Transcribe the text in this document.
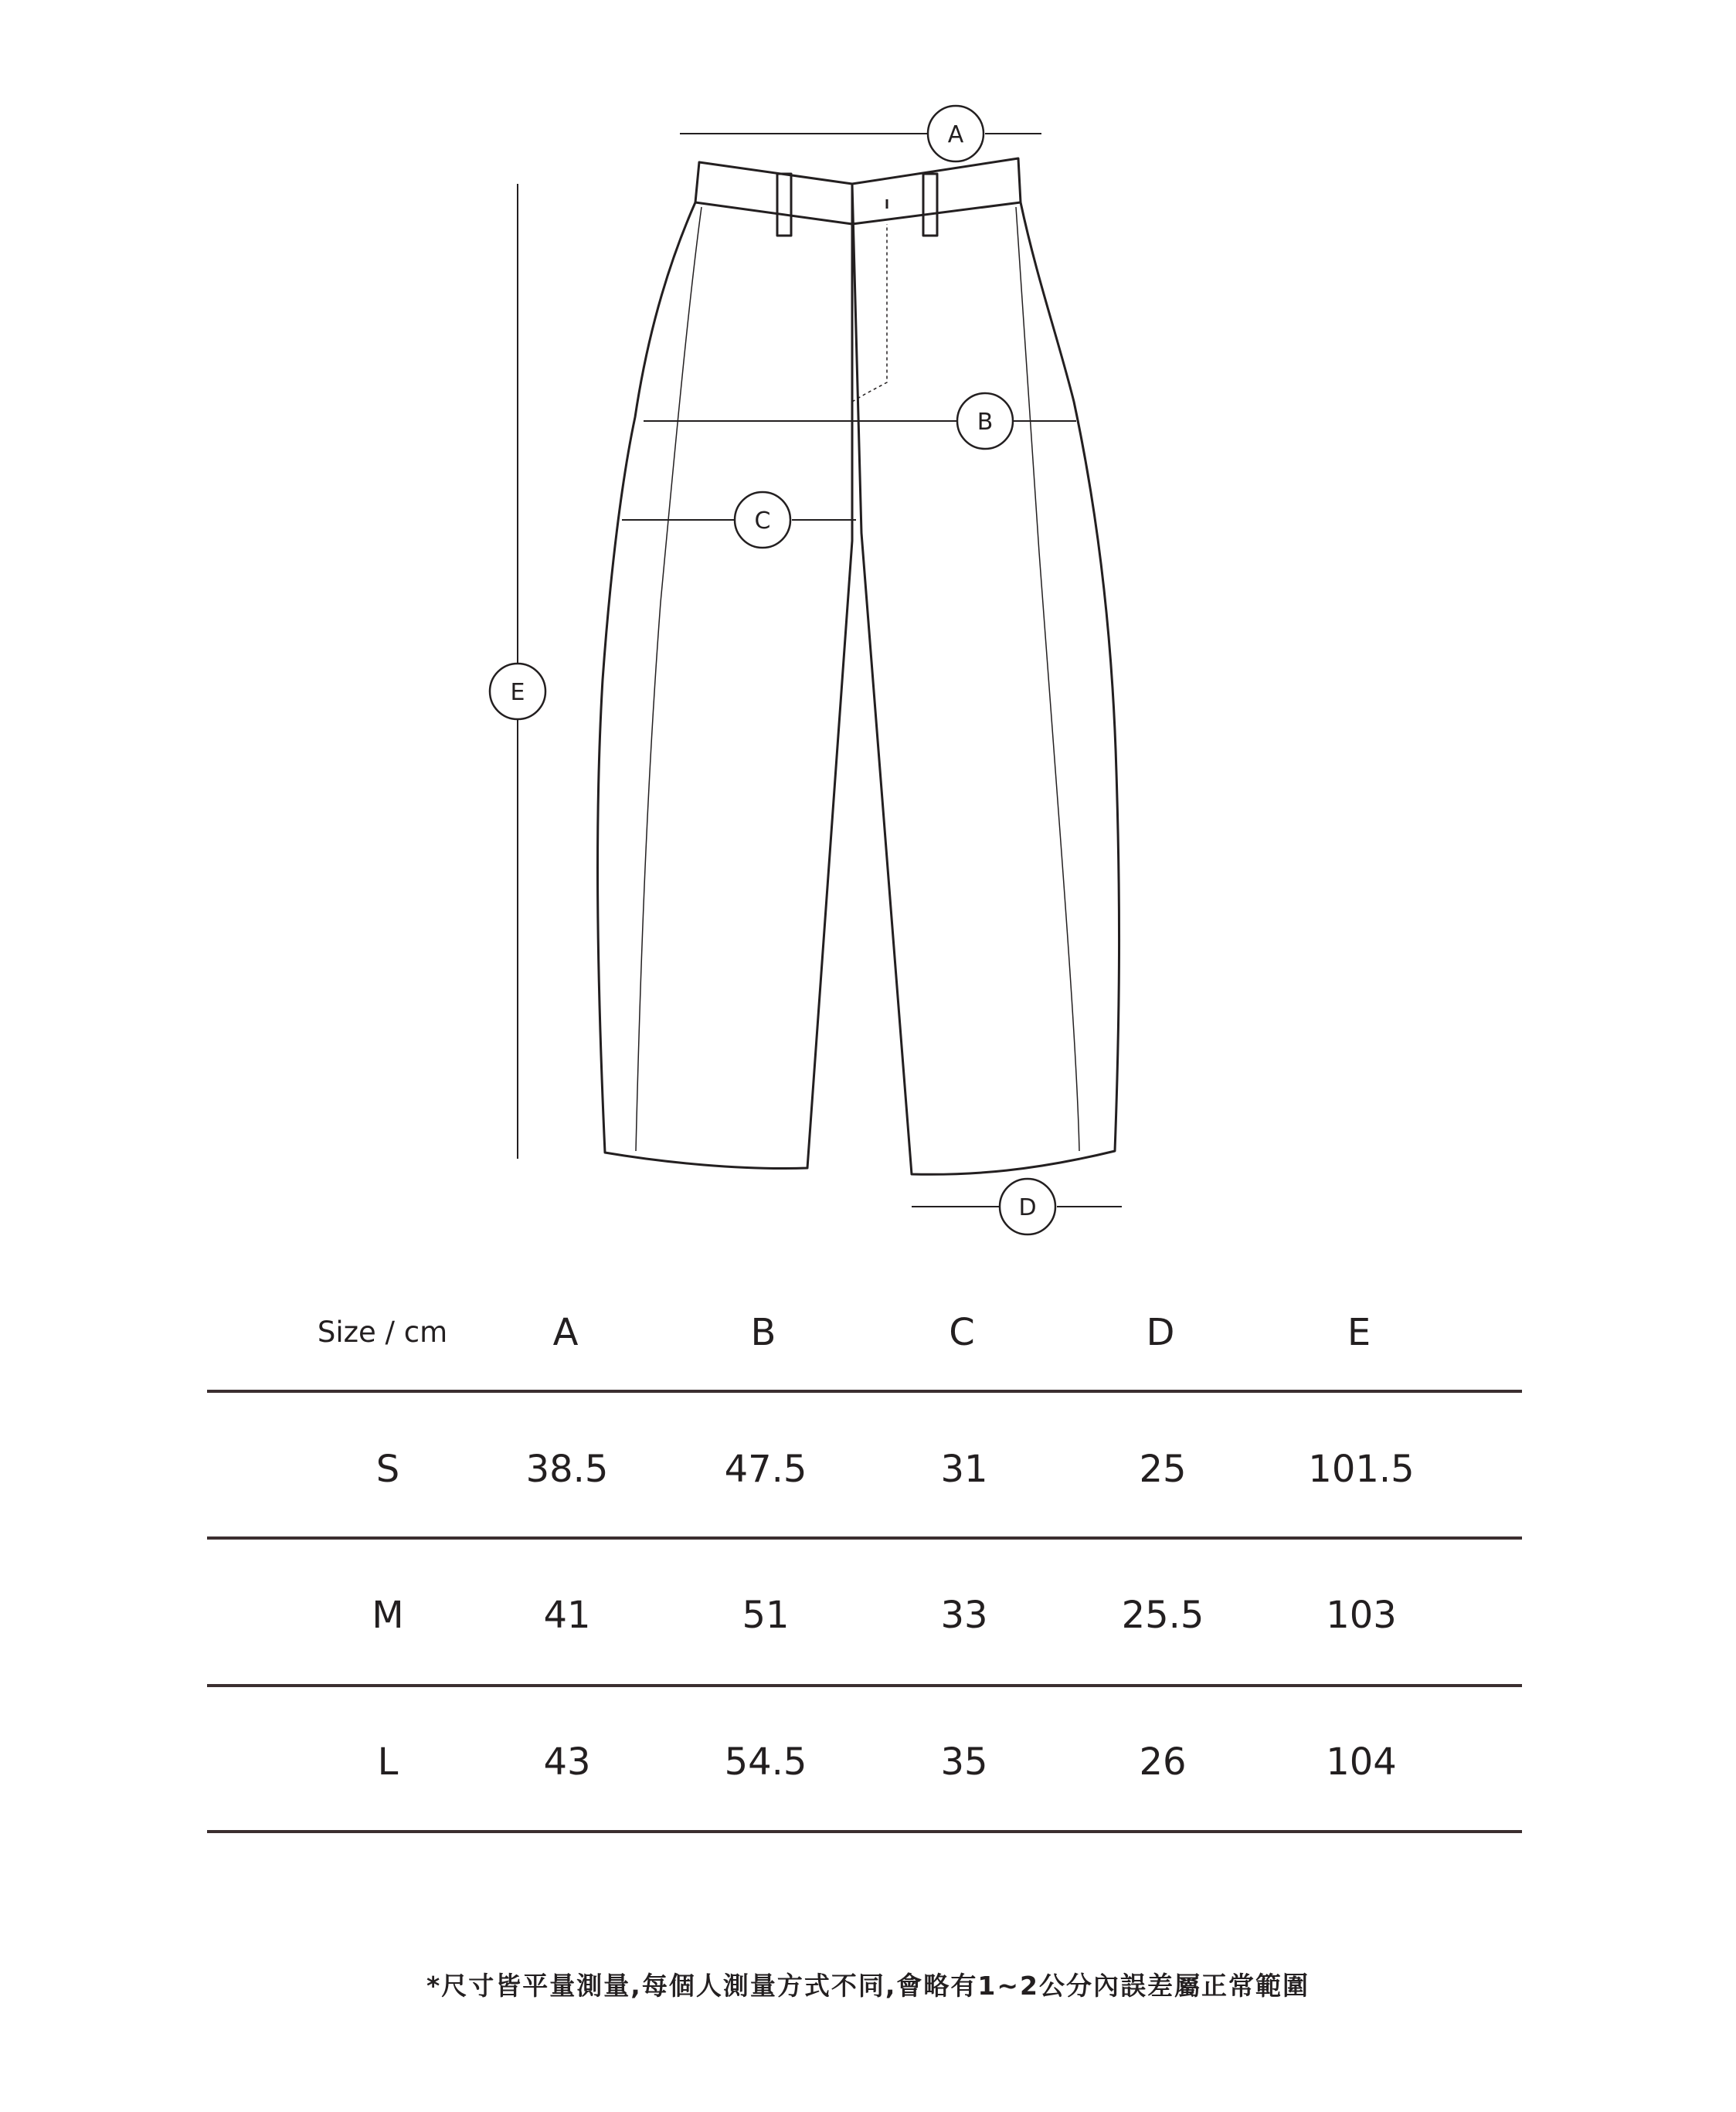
A
B
C
D
E
Size / cm	A	B	C	D	E
S	38.5	47.5	31	25	101.5
M	41	51	33	25.5	103
L	43	54.5	35	26	104
*尺寸皆平量測量,每個人測量方式不同,會略有1~2公分內誤差屬正常範圍
